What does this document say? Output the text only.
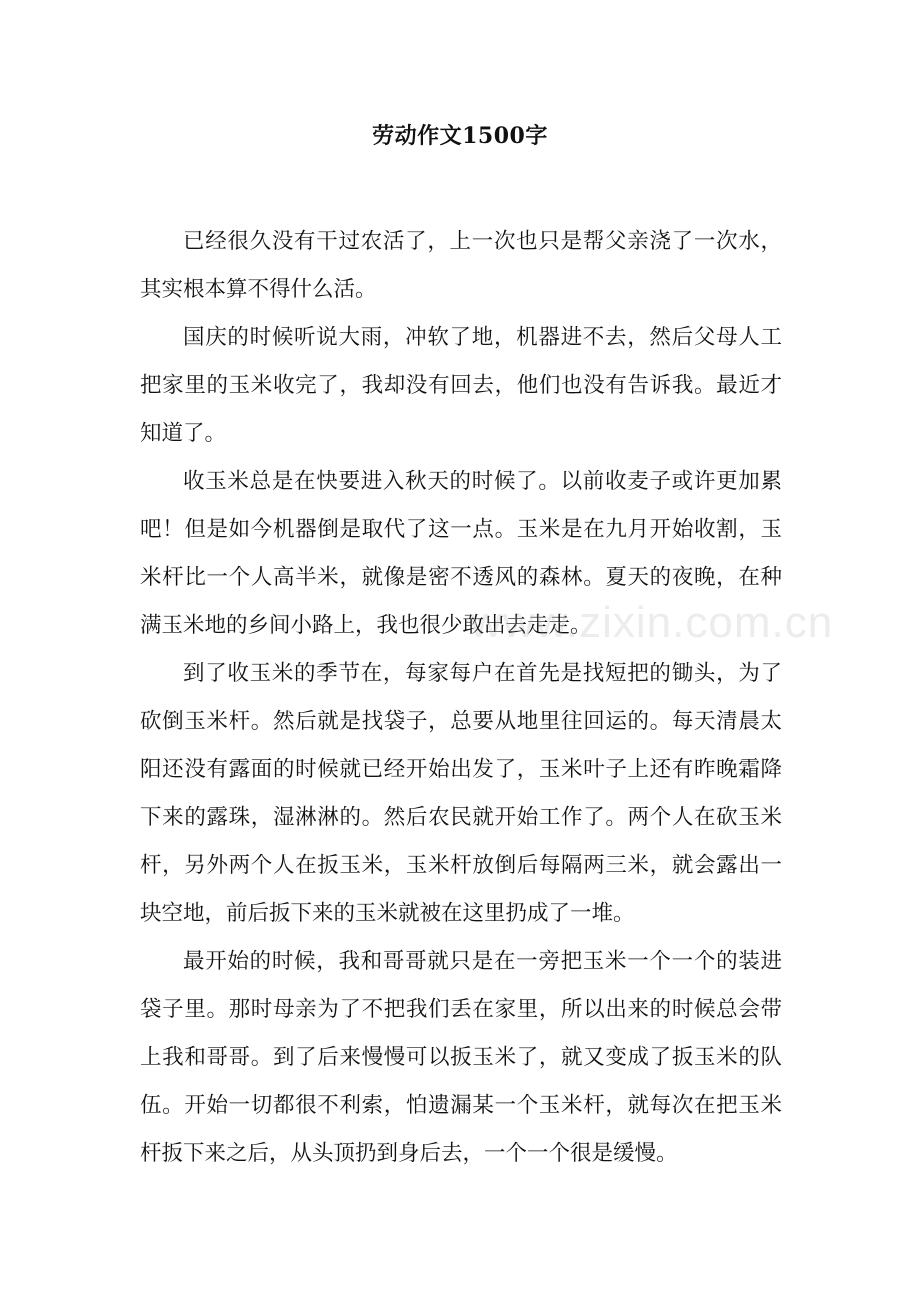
劳动作文1500字

已经很久没有干过农活了，上一次也只是帮父亲浇了一次水，其实根本算不得什么活。

国庆的时候听说大雨，冲软了地，机器进不去，然后父母人工把家里的玉米收完了，我却没有回去，他们也没有告诉我。最近才知道了。

收玉米总是在快要进入秋天的时候了。以前收麦子或许更加累吧！但是如今机器倒是取代了这一点。玉米是在九月开始收割，玉米杆比一个人高半米，就像是密不透风的森林。夏天的夜晚，在种满玉米地的乡间小路上，我也很少敢出去走走。

到了收玉米的季节在，每家每户在首先是找短把的锄头，为了砍倒玉米杆。然后就是找袋子，总要从地里往回运的。每天清晨太阳还没有露面的时候就已经开始出发了，玉米叶子上还有昨晚霜降下来的露珠，湿淋淋的。然后农民就开始工作了。两个人在砍玉米杆，另外两个人在扳玉米，玉米杆放倒后每隔两三米，就会露出一块空地，前后扳下来的玉米就被在这里扔成了一堆。

最开始的时候，我和哥哥就只是在一旁把玉米一个一个的装进袋子里。那时母亲为了不把我们丢在家里，所以出来的时候总会带上我和哥哥。到了后来慢慢可以扳玉米了，就又变成了扳玉米的队伍。开始一切都很不利索，怕遗漏某一个玉米杆，就每次在把玉米杆扳下来之后，从头顶扔到身后去，一个一个很是缓慢。

www.zixin.com.cn
